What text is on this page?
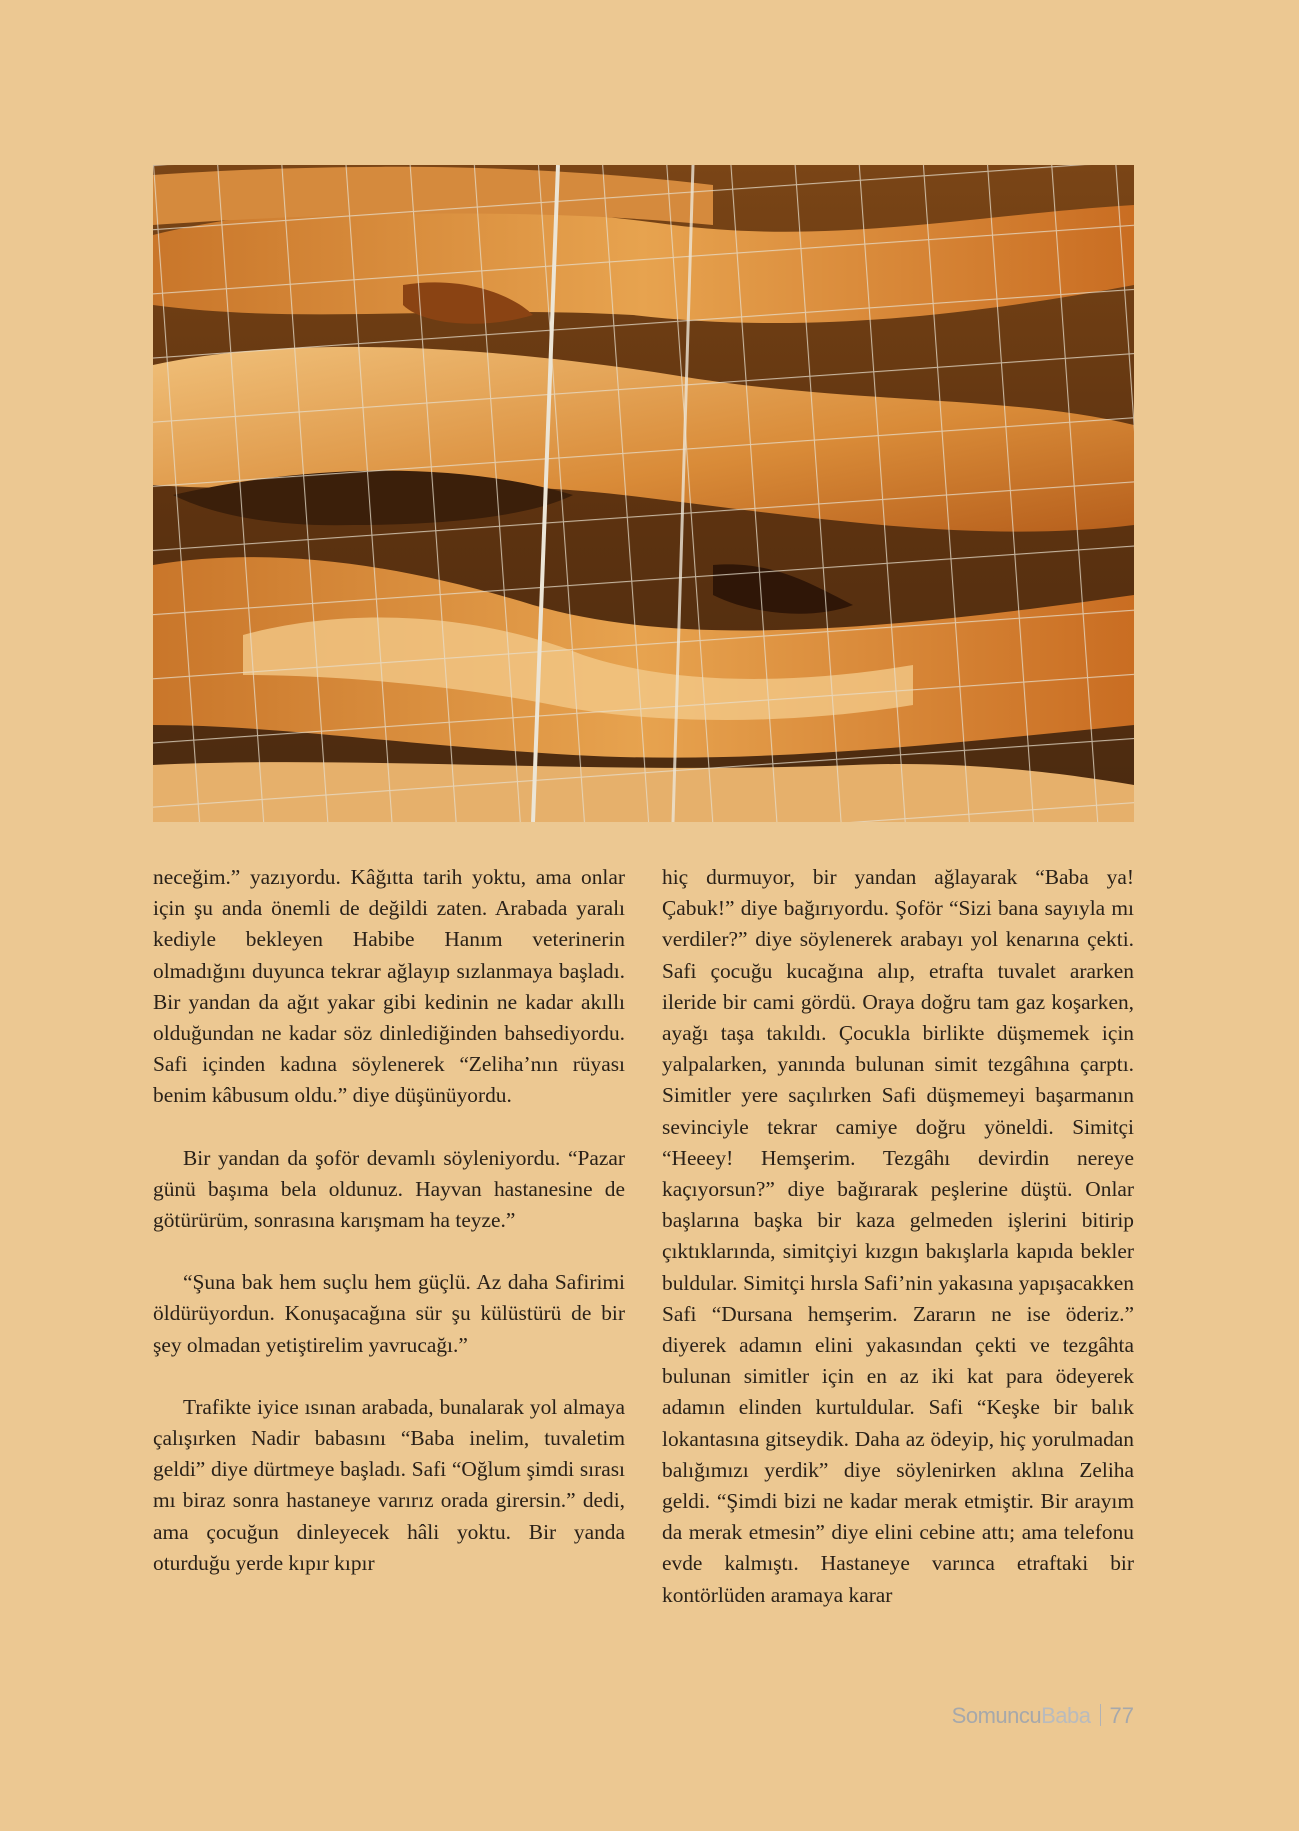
neceğim.” yazıyordu. Kâğıtta tarih yoktu, ama onlar için şu anda önemli de değildi zaten. Arabada yaralı kediyle bekleyen Habibe Hanım veterinerin olmadığını duyunca tekrar ağlayıp sızlanmaya başladı. Bir yandan da ağıt yakar gibi kedinin ne kadar akıllı olduğundan ne kadar söz dinlediğinden bahsediyordu. Safi içinden kadına söylenerek “Zeliha’nın rüyası benim kâbusum oldu.” diye düşünüyordu.

Bir yandan da şoför devamlı söyleniyordu. “Pazar günü başıma bela oldunuz. Hayvan hastanesine de götürürüm, sonrasına karışmam ha teyze.”

“Şuna bak hem suçlu hem güçlü. Az daha Safirimi öldürüyordun. Konuşacağına sür şu külüstürü de bir şey olmadan yetiştirelim yavrucağı.”

Trafikte iyice ısınan arabada, bunalarak yol almaya çalışırken Nadir babasını “Baba inelim, tuvaletim geldi” diye dürtmeye başladı. Safi “Oğlum şimdi sırası mı biraz sonra hastaneye varırız orada girersin.” dedi, ama çocuğun dinleyecek hâli yoktu. Bir yanda oturduğu yerde kıpır kıpır

hiç durmuyor, bir yandan ağlayarak “Baba ya! Çabuk!” diye bağırıyordu. Şoför “Sizi bana sayıyla mı verdiler?” diye söylenerek arabayı yol kenarına çekti. Safi çocuğu kucağına alıp, etrafta tuvalet ararken ileride bir cami gördü. Oraya doğru tam gaz koşarken, ayağı taşa takıldı. Çocukla birlikte düşmemek için yalpalarken, yanında bulunan simit tezgâhına çarptı. Simitler yere saçılırken Safi düşmemeyi başarmanın sevinciyle tekrar camiye doğru yöneldi. Simitçi “Heeey! Hemşerim. Tezgâhı devirdin nereye kaçıyorsun?” diye bağırarak peşlerine düştü. Onlar başlarına başka bir kaza gelmeden işlerini bitirip çıktıklarında, simitçiyi kızgın bakışlarla kapıda bekler buldular. Simitçi hırsla Safi’nin yakasına yapışacakken Safi “Dursana hemşerim. Zararın ne ise öderiz.” diyerek adamın elini yakasından çekti ve tezgâhta bulunan simitler için en az iki kat para ödeyerek adamın elinden kurtuldular. Safi “Keşke bir balık lokantasına gitseydik. Daha az ödeyip, hiç yorulmadan balığımızı yerdik” diye söylenirken aklına Zeliha geldi. “Şimdi bizi ne kadar merak etmiştir. Bir arayım da merak etmesin” diye elini cebine attı; ama telefonu evde kalmıştı. Hastaneye varınca etraftaki bir kontörlüden aramaya karar

SomuncuBaba 77
